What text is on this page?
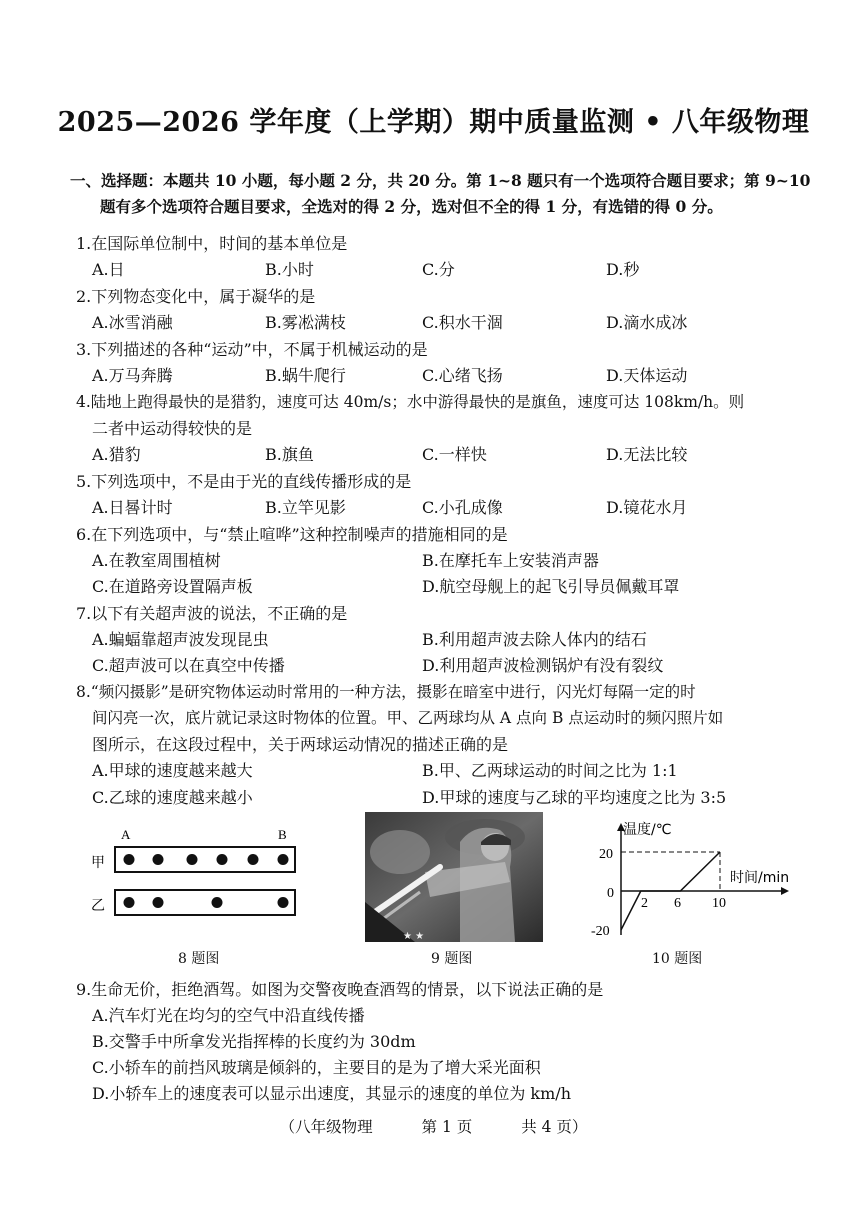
2025—2026 学年度（上学期）期中质量监测 • 八年级物理
一、选择题：本题共 10 小题，每小题 2 分，共 20 分。第 1~8 题只有一个选项符合题目要求；第 9~10
题有多个选项符合题目要求，全选对的得 2 分，选对但不全的得 1 分，有选错的得 0 分。
1.在国际单位制中，时间的基本单位是
A.日	B.小时	C.分	D.秒
2.下列物态变化中，属于凝华的是
A.冰雪消融	B.雾凇满枝	C.积水干涸	D.滴水成冰
3.下列描述的各种“运动”中，不属于机械运动的是
A.万马奔腾	B.蜗牛爬行	C.心绪飞扬	D.天体运动
4.陆地上跑得最快的是猎豹，速度可达 40m/s；水中游得最快的是旗鱼，速度可达 108km/h。则
二者中运动得较快的是
A.猎豹	B.旗鱼	C.一样快	D.无法比较
5.下列选项中，不是由于光的直线传播形成的是
A.日晷计时	B.立竿见影	C.小孔成像	D.镜花水月
6.在下列选项中，与“禁止喧哗”这种控制噪声的措施相同的是
A.在教室周围植树	B.在摩托车上安装消声器
C.在道路旁设置隔声板	D.航空母舰上的起飞引导员佩戴耳罩
7.以下有关超声波的说法，不正确的是
A.蝙蝠靠超声波发现昆虫	B.利用超声波去除人体内的结石
C.超声波可以在真空中传播	D.利用超声波检测锅炉有没有裂纹
8.“频闪摄影”是研究物体运动时常用的一种方法，摄影在暗室中进行，闪光灯每隔一定的时
间闪亮一次，底片就记录这时物体的位置。甲、乙两球均从 A 点向 B 点运动时的频闪照片如
图所示，在这段过程中，关于两球运动情况的描述正确的是
A.甲球的速度越来越大	B.甲、乙两球运动的时间之比为 1:1
C.乙球的速度越来越小	D.甲球的速度与乙球的平均速度之比为 3:5
A	B
甲
乙
8 题图
★ ★
9 题图
温度/℃
时间/min
20
0
-20
2 6 10
10 题图
9.生命无价，拒绝酒驾。如图为交警夜晚查酒驾的情景，以下说法正确的是
A.汽车灯光在均匀的空气中沿直线传播
B.交警手中所拿发光指挥棒的长度约为 30dm
C.小轿车的前挡风玻璃是倾斜的，主要目的是为了增大采光面积
D.小轿车上的速度表可以显示出速度，其显示的速度的单位为 km/h
（八年级物理	第 1 页	共 4 页）
